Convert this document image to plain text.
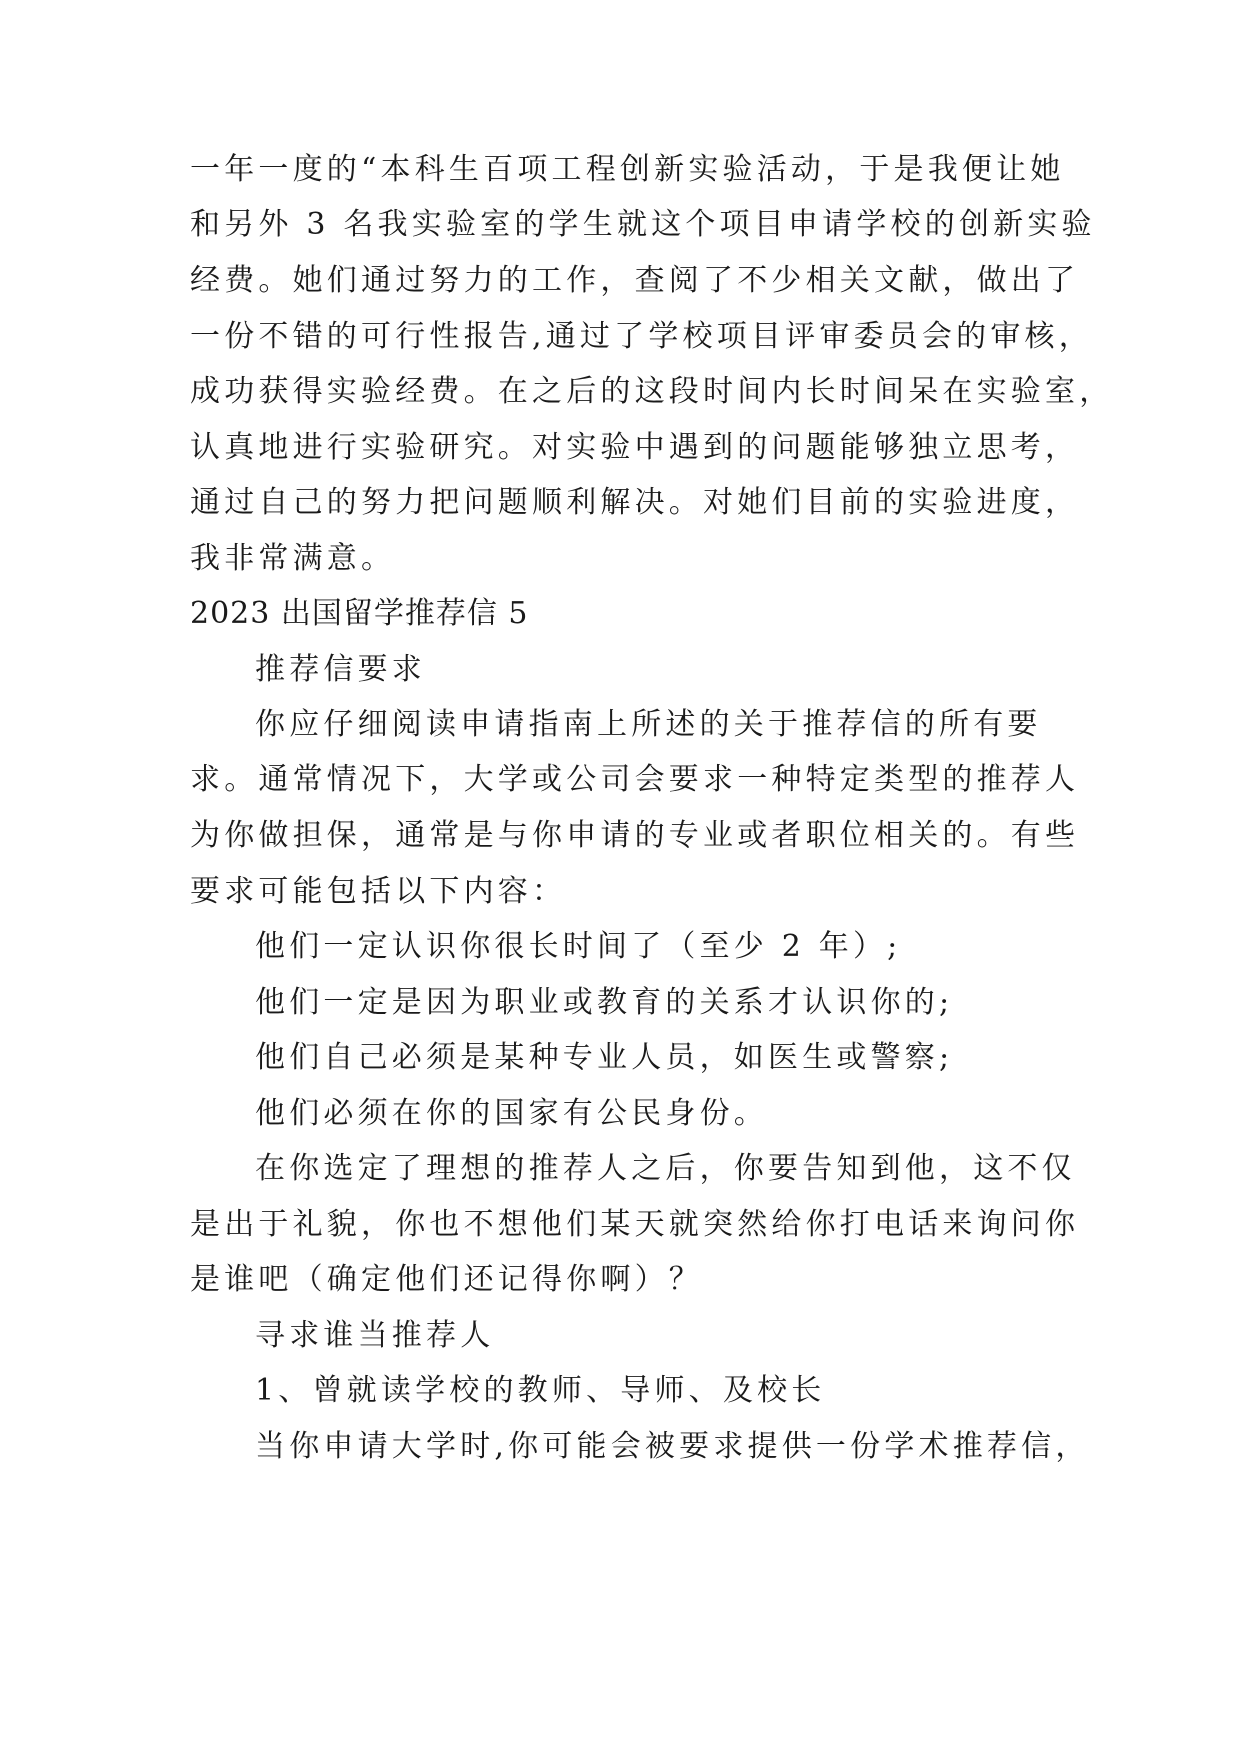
一年一度的“本科生百项工程创新实验活动，于是我便让她
和另外 3 名我实验室的学生就这个项目申请学校的创新实验
经费。她们通过努力的工作，查阅了不少相关文献，做出了
一份不错的可行性报告,通过了学校项目评审委员会的审核，
成功获得实验经费。在之后的这段时间内长时间呆在实验室，
认真地进行实验研究。对实验中遇到的问题能够独立思考，
通过自己的努力把问题顺利解决。对她们目前的实验进度，
我非常满意。
2023 出国留学推荐信 5
推荐信要求
你应仔细阅读申请指南上所述的关于推荐信的所有要
求。通常情况下，大学或公司会要求一种特定类型的推荐人
为你做担保，通常是与你申请的专业或者职位相关的。有些
要求可能包括以下内容：
他们一定认识你很长时间了（至少 2 年）;
他们一定是因为职业或教育的关系才认识你的;
他们自己必须是某种专业人员，如医生或警察;
他们必须在你的国家有公民身份。
在你选定了理想的推荐人之后，你要告知到他，这不仅
是出于礼貌，你也不想他们某天就突然给你打电话来询问你
是谁吧（确定他们还记得你啊）？
寻求谁当推荐人
1、曾就读学校的教师、导师、及校长
当你申请大学时,你可能会被要求提供一份学术推荐信，
